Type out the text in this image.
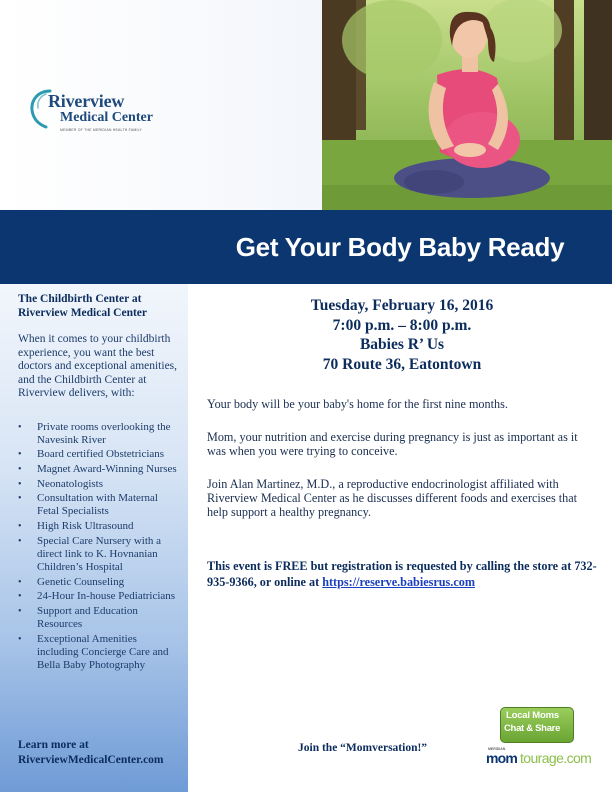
Riverview
Medical Center
MEMBER OF THE MERIDIAN HEALTH FAMILY
Get Your Body Baby Ready
The Childbirth Center at Riverview Medical Center
When it comes to your childbirth experience, you want the best doctors and exceptional amenities, and the Childbirth Center at Riverview delivers, with:
• Private rooms overlooking the Navesink River
• Board certified Obstetricians
• Magnet Award-Winning Nurses
• Neonatologists
• Consultation with Maternal Fetal Specialists
• High Risk Ultrasound
• Special Care Nursery with a direct link to K. Hovnanian Children’s Hospital
• Genetic Counseling
• 24-Hour In-house Pediatricians
• Support and Education Resources
• Exceptional Amenities including Concierge Care and Bella Baby Photography
Learn more at
RiverviewMedicalCenter.com
Tuesday, February 16, 2016
7:00 p.m. – 8:00 p.m.
Babies R’ Us
70 Route 36, Eatontown

Your body will be your baby's home for the first nine months.

Mom, your nutrition and exercise during pregnancy is just as important as it was when you were trying to conceive.

Join Alan Martinez, M.D., a reproductive endocrinologist affiliated with Riverview Medical Center as he discusses different foods and exercises that help support a healthy pregnancy.

This event is FREE but registration is requested by calling the store at 732-935-9366, or online at https://reserve.babiesrus.com

Join the “Momversation!”
Local Moms
Chat & Share
MERIDIAN
mom tourage.com
